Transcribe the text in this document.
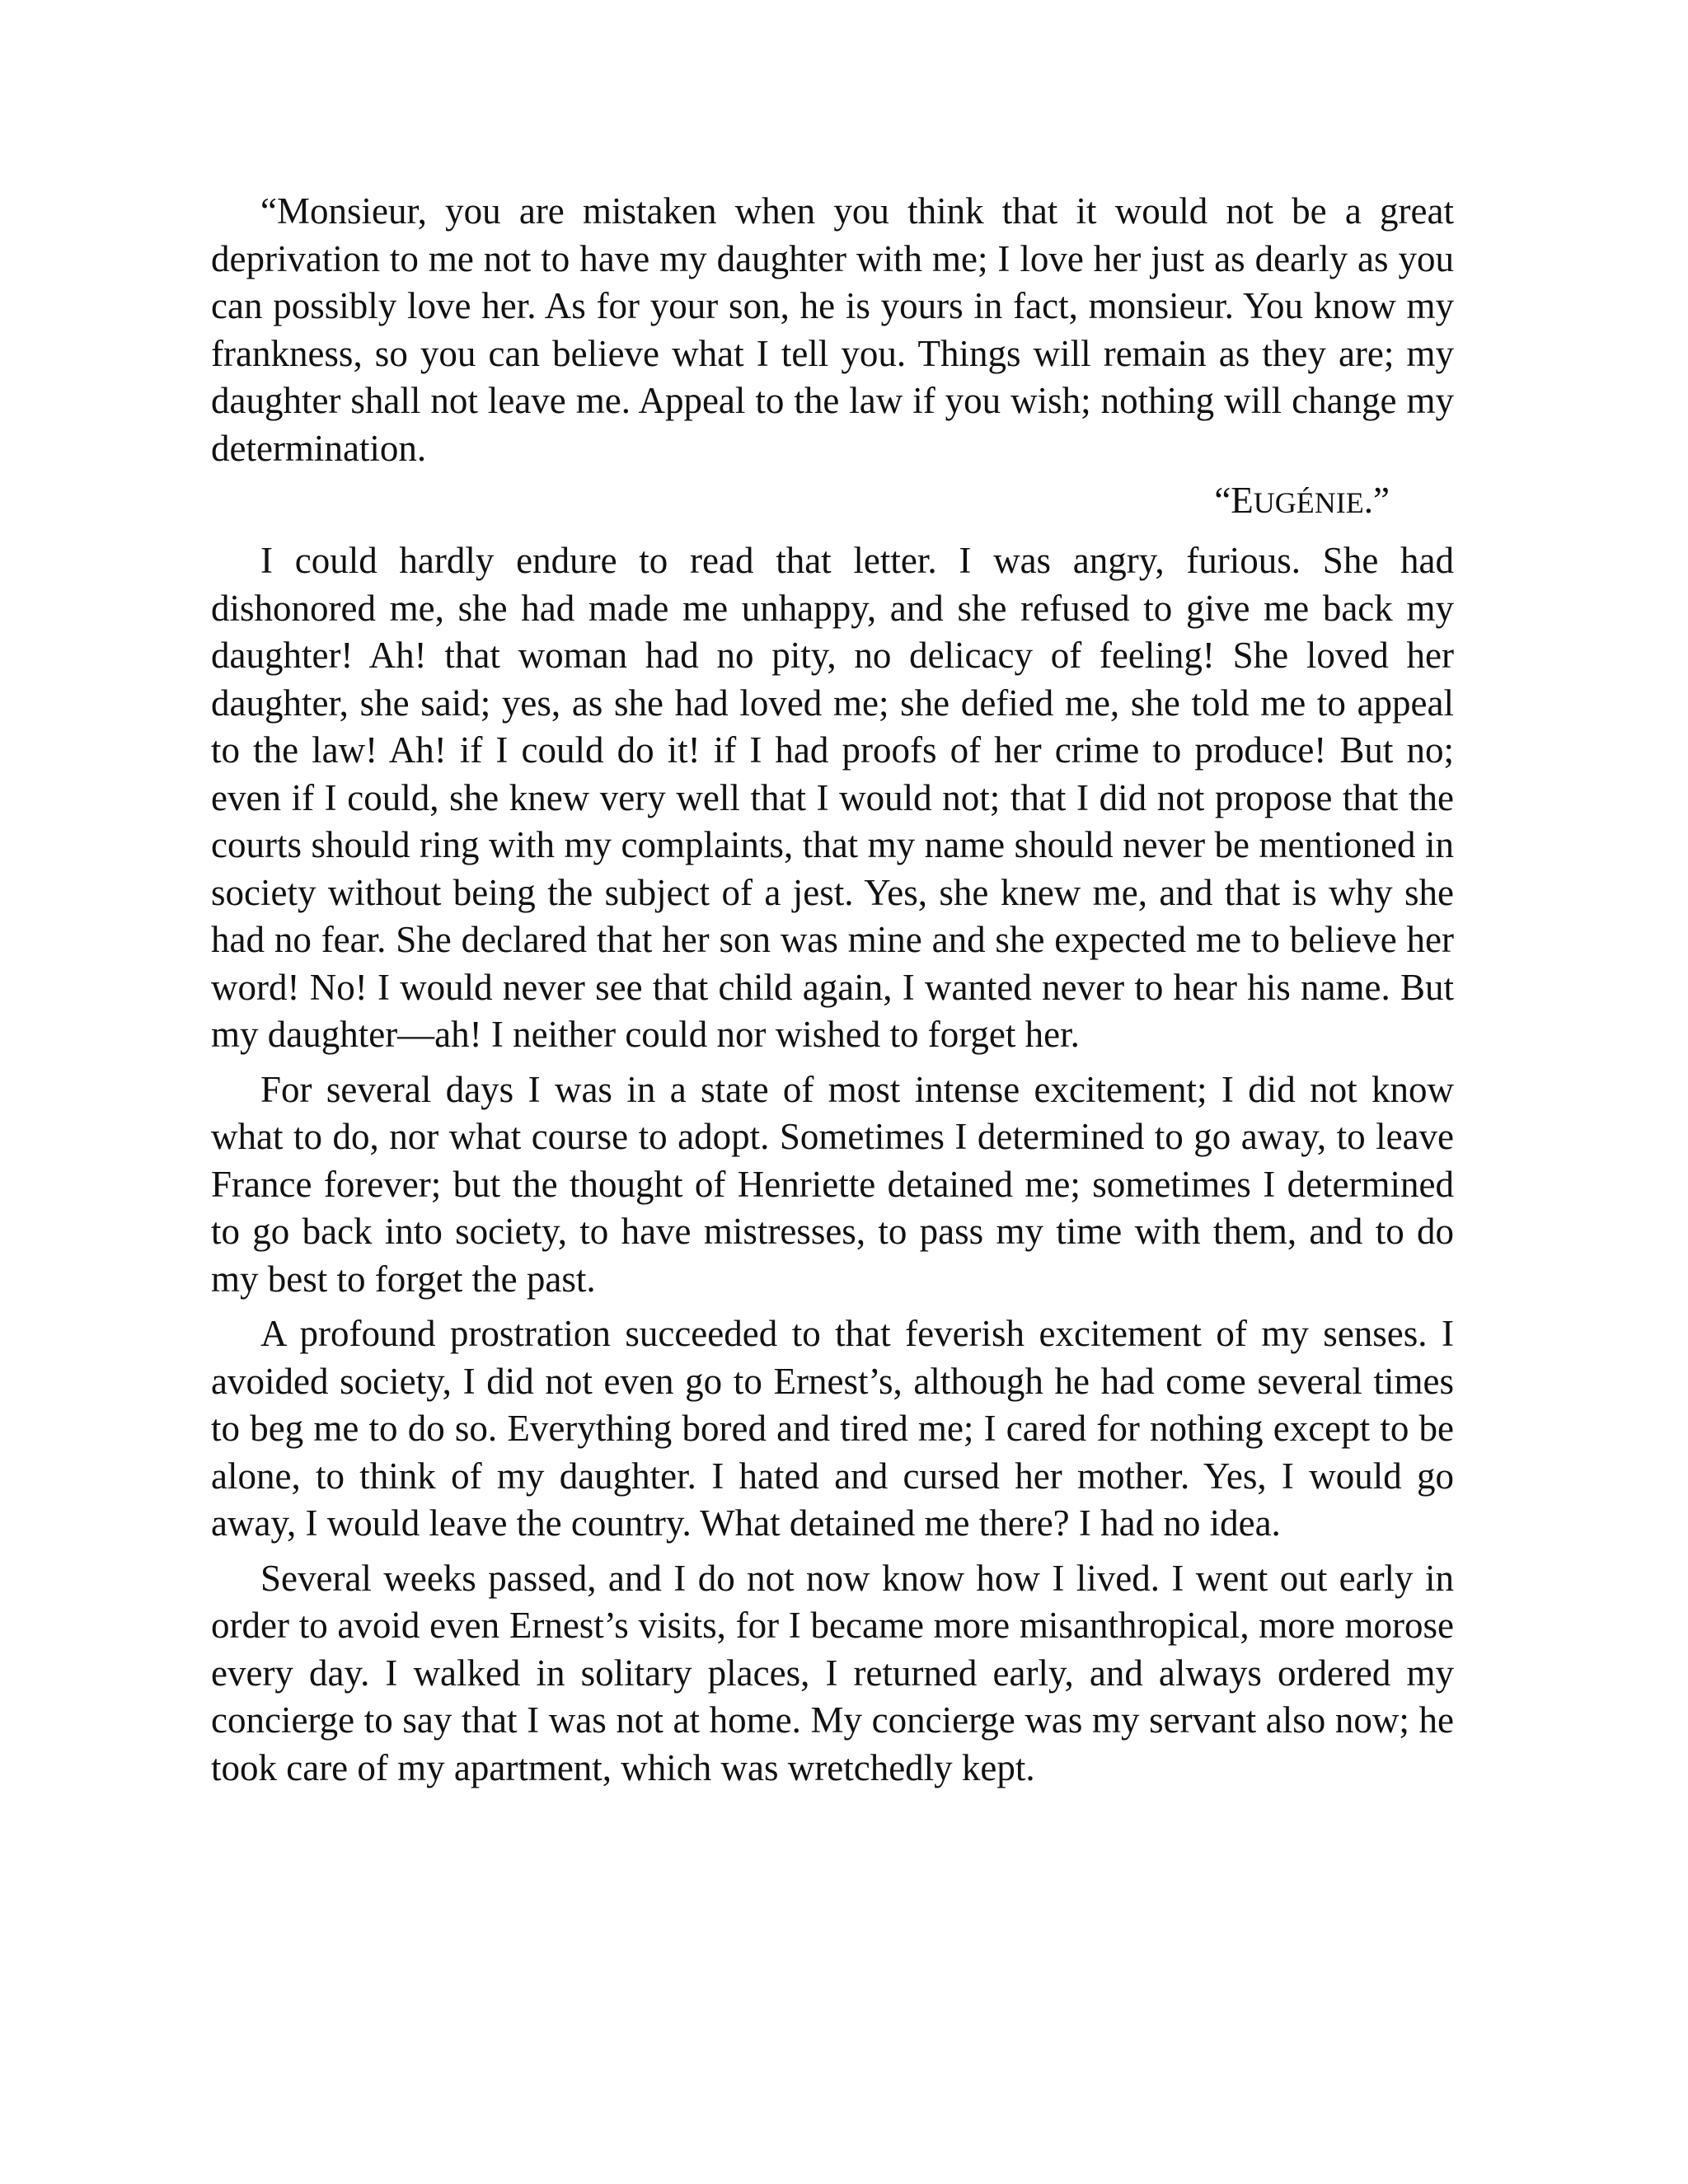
“Monsieur, you are mistaken when you think that it would not be a great deprivation to me not to have my daughter with me; I love her just as dearly as you can possibly love her. As for your son, he is yours in fact, monsieur. You know my frankness, so you can believe what I tell you. Things will remain as they are; my daughter shall not leave me. Appeal to the law if you wish; nothing will change my determination.

“EUGÉNIE.”

I could hardly endure to read that letter. I was angry, furious. She had dishonored me, she had made me unhappy, and she refused to give me back my daughter! Ah! that woman had no pity, no delicacy of feeling! She loved her daughter, she said; yes, as she had loved me; she defied me, she told me to appeal to the law! Ah! if I could do it! if I had proofs of her crime to produce! But no; even if I could, she knew very well that I would not; that I did not propose that the courts should ring with my complaints, that my name should never be mentioned in society without being the subject of a jest. Yes, she knew me, and that is why she had no fear. She declared that her son was mine and she expected me to believe her word! No! I would never see that child again, I wanted never to hear his name. But my daughter—ah! I neither could nor wished to forget her.

For several days I was in a state of most intense excitement; I did not know what to do, nor what course to adopt. Sometimes I determined to go away, to leave France forever; but the thought of Henriette detained me; sometimes I determined to go back into society, to have mistresses, to pass my time with them, and to do my best to forget the past.

A profound prostration succeeded to that feverish excitement of my senses. I avoided society, I did not even go to Ernest’s, although he had come several times to beg me to do so. Everything bored and tired me; I cared for nothing except to be alone, to think of my daughter. I hated and cursed her mother. Yes, I would go away, I would leave the country. What detained me there? I had no idea.

Several weeks passed, and I do not now know how I lived. I went out early in order to avoid even Ernest’s visits, for I became more misanthropical, more morose every day. I walked in solitary places, I returned early, and always ordered my concierge to say that I was not at home. My concierge was my servant also now; he took care of my apartment, which was wretchedly kept.
